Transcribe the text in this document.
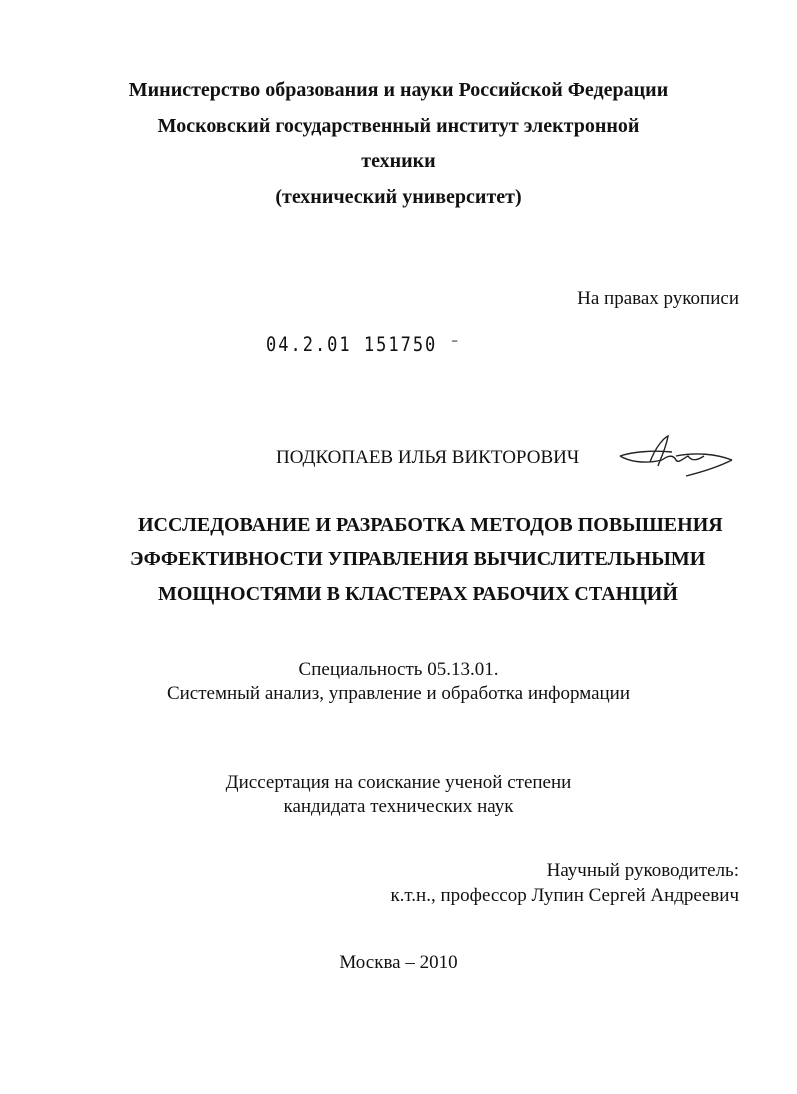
Министерство образования и науки Российской Федерации
Московский государственный институт электронной
техники
(технический университет)
На правах рукописи
04.2.01 151750 ⁻
ПОДКОПАЕВ ИЛЬЯ ВИКТОРОВИЧ
ИССЛЕДОВАНИЕ И РАЗРАБОТКА МЕТОДОВ ПОВЫШЕНИЯ
ЭФФЕКТИВНОСТИ УПРАВЛЕНИЯ ВЫЧИСЛИТЕЛЬНЫМИ
МОЩНОСТЯМИ В КЛАСТЕРАХ РАБОЧИХ СТАНЦИЙ
Специальность 05.13.01.
Системный анализ, управление и обработка информации
Диссертация на соискание ученой степени
кандидата технических наук
Научный руководитель:
к.т.н., профессор Лупин Сергей Андреевич
Москва – 2010
